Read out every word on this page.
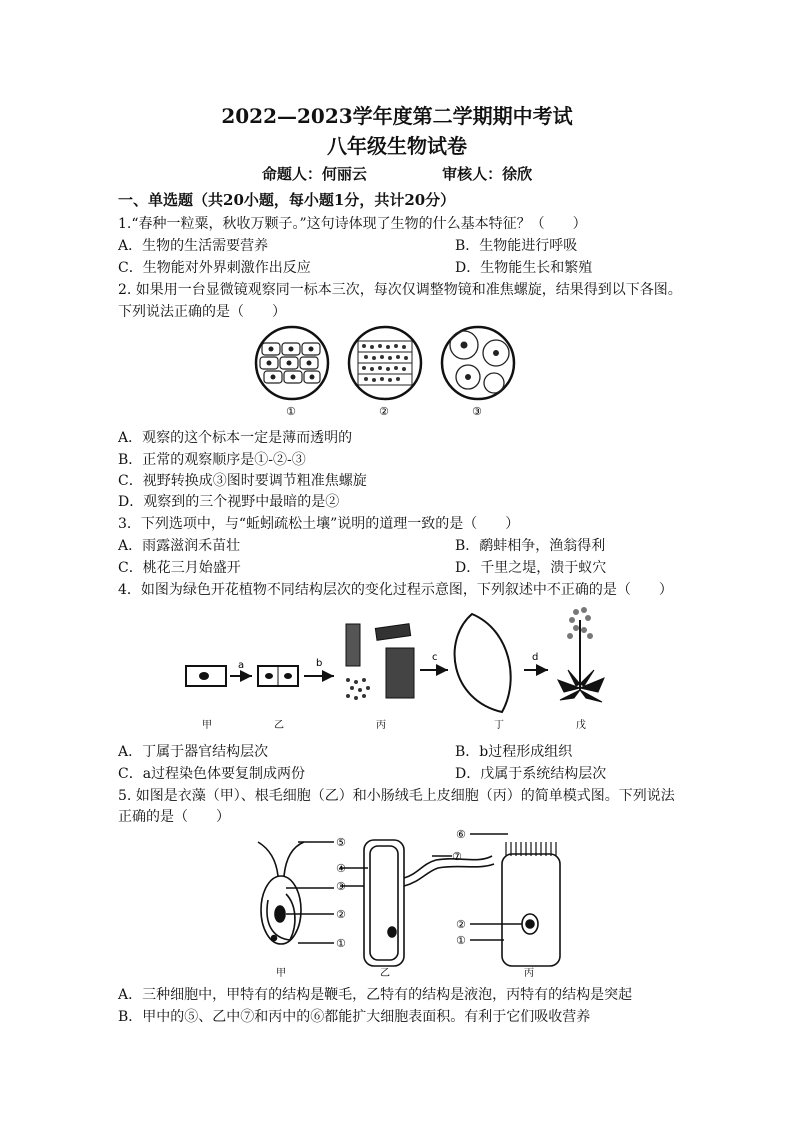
2022—2023学年度第二学期期中考试
八年级生物试卷
命题人：何丽云	审核人：徐欣
一、单选题（共20小题，每小题1分，共计20分）
1.“春种一粒粟，秋收万颗子。”这句诗体现了生物的什么基本特征？（　　）
A．生物的生活需要营养	B．生物能进行呼吸
C．生物能对外界刺激作出反应	D．生物能生长和繁殖
2. 如果用一台显微镜观察同一标本三次，每次仅调整物镜和准焦螺旋，结果得到以下各图。
下列说法正确的是（　　）
①	②	③
A．观察的这个标本一定是薄而透明的
B．正常的观察顺序是①-②-③
C．视野转换成③图时要调节粗准焦螺旋
D．观察到的三个视野中最暗的是②
3．下列选项中，与“蚯蚓疏松土壤”说明的道理一致的是（　　）
A．雨露滋润禾苗壮	B．鹬蚌相争，渔翁得利
C．桃花三月始盛开	D．千里之堤，溃于蚁穴
4．如图为绿色开花植物不同结构层次的变化过程示意图，下列叙述中不正确的是（　　）
a	b
c	d
甲	乙	丙	丁	戊
A．丁属于器官结构层次	B．b过程形成组织
C．a过程染色体要复制成两份	D．戊属于系统结构层次
5. 如图是衣藻（甲）、根毛细胞（乙）和小肠绒毛上皮细胞（丙）的简单模式图。下列说法
正确的是（　　）
⑤
④
③
②
①
⑦
⑥
②
①
甲	乙	丙
A．三种细胞中，甲特有的结构是鞭毛，乙特有的结构是液泡，丙特有的结构是突起
B．甲中的⑤、乙中⑦和丙中的⑥都能扩大细胞表面积。有利于它们吸收营养
